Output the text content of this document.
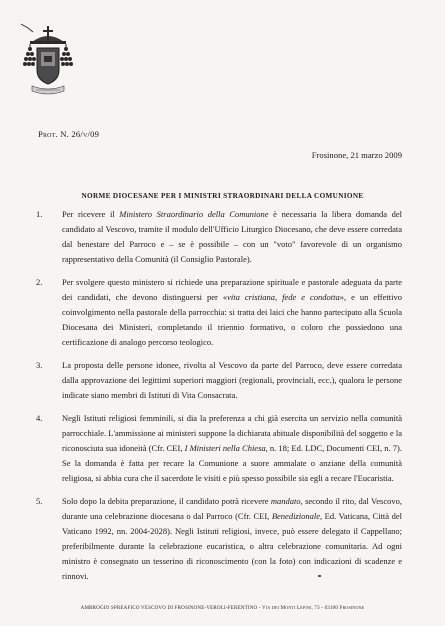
Prot. N. 26/v/09
Frosinone, 21 marzo 2009
NORME DIOCESANE PER I MINISTRI STRAORDINARI DELLA COMUNIONE
1.	Per ricevere il Ministero Straordinario della Comunione è necessaria la libera domanda del candidato al Vescovo, tramite il modulo dell'Ufficio Liturgico Diocesano, che deve essere corredata dal benestare del Parroco e – se è possibile – con un "voto" favorevole di un organismo rappresentativo della Comunità (il Consiglio Pastorale).
2.	Per svolgere questo ministero si richiede una preparazione spirituale e pastorale adeguata da parte dei candidati, che devono distinguersi per «vita cristiana, fede e condotta», e un effettivo coinvolgimento nella pastorale della parrocchia: si tratta dei laici che hanno partecipato alla Scuola Diocesana dei Ministeri, completando il triennio formativo, o coloro che possiedono una certificazione di analogo percorso teologico.
3.	La proposta delle persone idonee, rivolta al Vescovo da parte del Parroco, deve essere corredata dalla approvazione dei legittimi superiori maggiori (regionali, provinciali, ecc.), qualora le persone indicate siano membri di Istituti di Vita Consacrata.
4.	Negli Istituti religiosi femminili, si dia la preferenza a chi già esercita un servizio nella comunità parrocchiale. L'ammissione ai ministeri suppone la dichiarata abituale disponibilità del soggetto e la riconosciuta sua idoneità (Cfr. CEI, I Ministeri nella Chiesa, n. 18; Ed. LDC, Documenti CEI, n. 7). Se la domanda è fatta per recare la Comunione a suore ammalate o anziane della comunità religiosa, si abbia cura che il sacerdote le visiti e più spesso possibile sia egli a recare l'Eucaristia.
5.	Solo dopo la debita preparazione, il candidato potrà ricevere mandato, secondo il rito, dal Vescovo, durante una celebrazione diocesana o dal Parroco (Cfr. CEI, Benedizionale, Ed. Vaticana, Città del Vaticano 1992, nn. 2004-2028). Negli Istituti religiosi, invece, può essere delegato il Cappellano; preferibilmente durante la celebrazione eucaristica, o altra celebrazione comunitaria. Ad ogni ministro è consegnato un tesserino di riconoscimento (con la foto) con indicazioni di scadenze e rinnovi.
AMBROGIO SPREAFICO VESCOVO DI FROSINONE-VEROLI-FERENTINO - Via dei Monti Lepini, 73 - 03100 Frosinone
